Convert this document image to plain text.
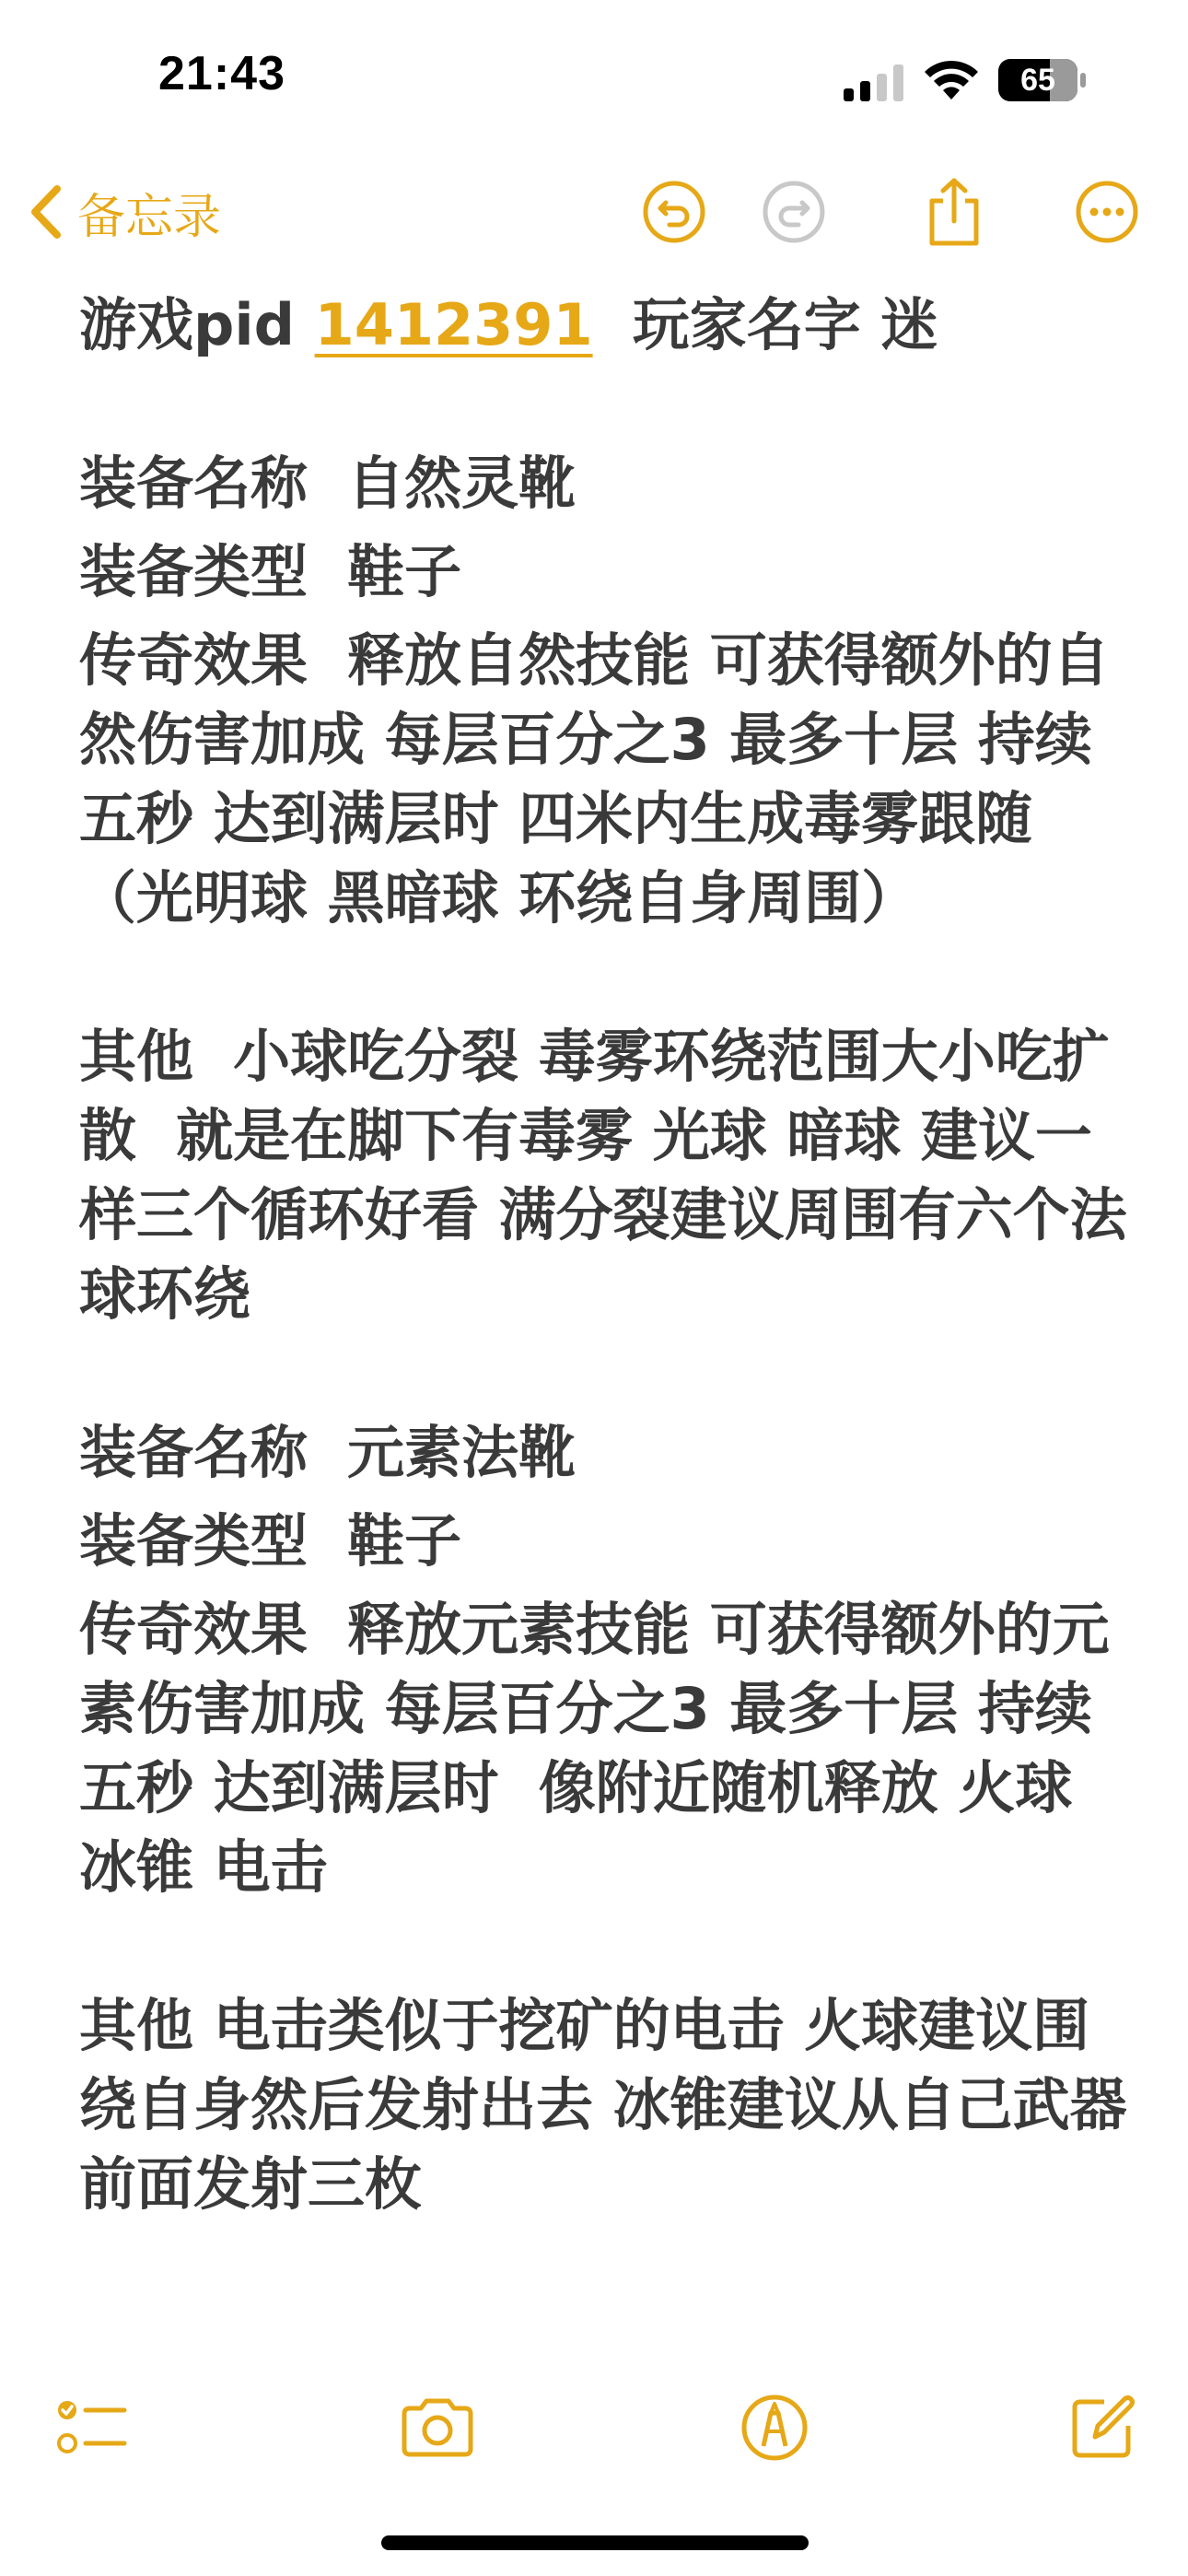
21:43	65
备忘录
游戏pid 1412391  玩家名字 迷
装备名称  自然灵靴
装备类型  鞋子
传奇效果  释放自然技能 可获得额外的自然伤害加成 每层百分之3 最多十层 持续五秒 达到满层时 四米内生成毒雾跟随（光明球 黑暗球 环绕自身周围）
其他  小球吃分裂 毒雾环绕范围大小吃扩散  就是在脚下有毒雾 光球 暗球 建议一样三个循环好看 满分裂建议周围有六个法球环绕
装备名称  元素法靴
装备类型  鞋子
传奇效果  释放元素技能 可获得额外的元素伤害加成 每层百分之3 最多十层 持续五秒 达到满层时  像附近随机释放 火球 冰锥 电击
其他 电击类似于挖矿的电击 火球建议围绕自身然后发射出去 冰锥建议从自己武器前面发射三枚
